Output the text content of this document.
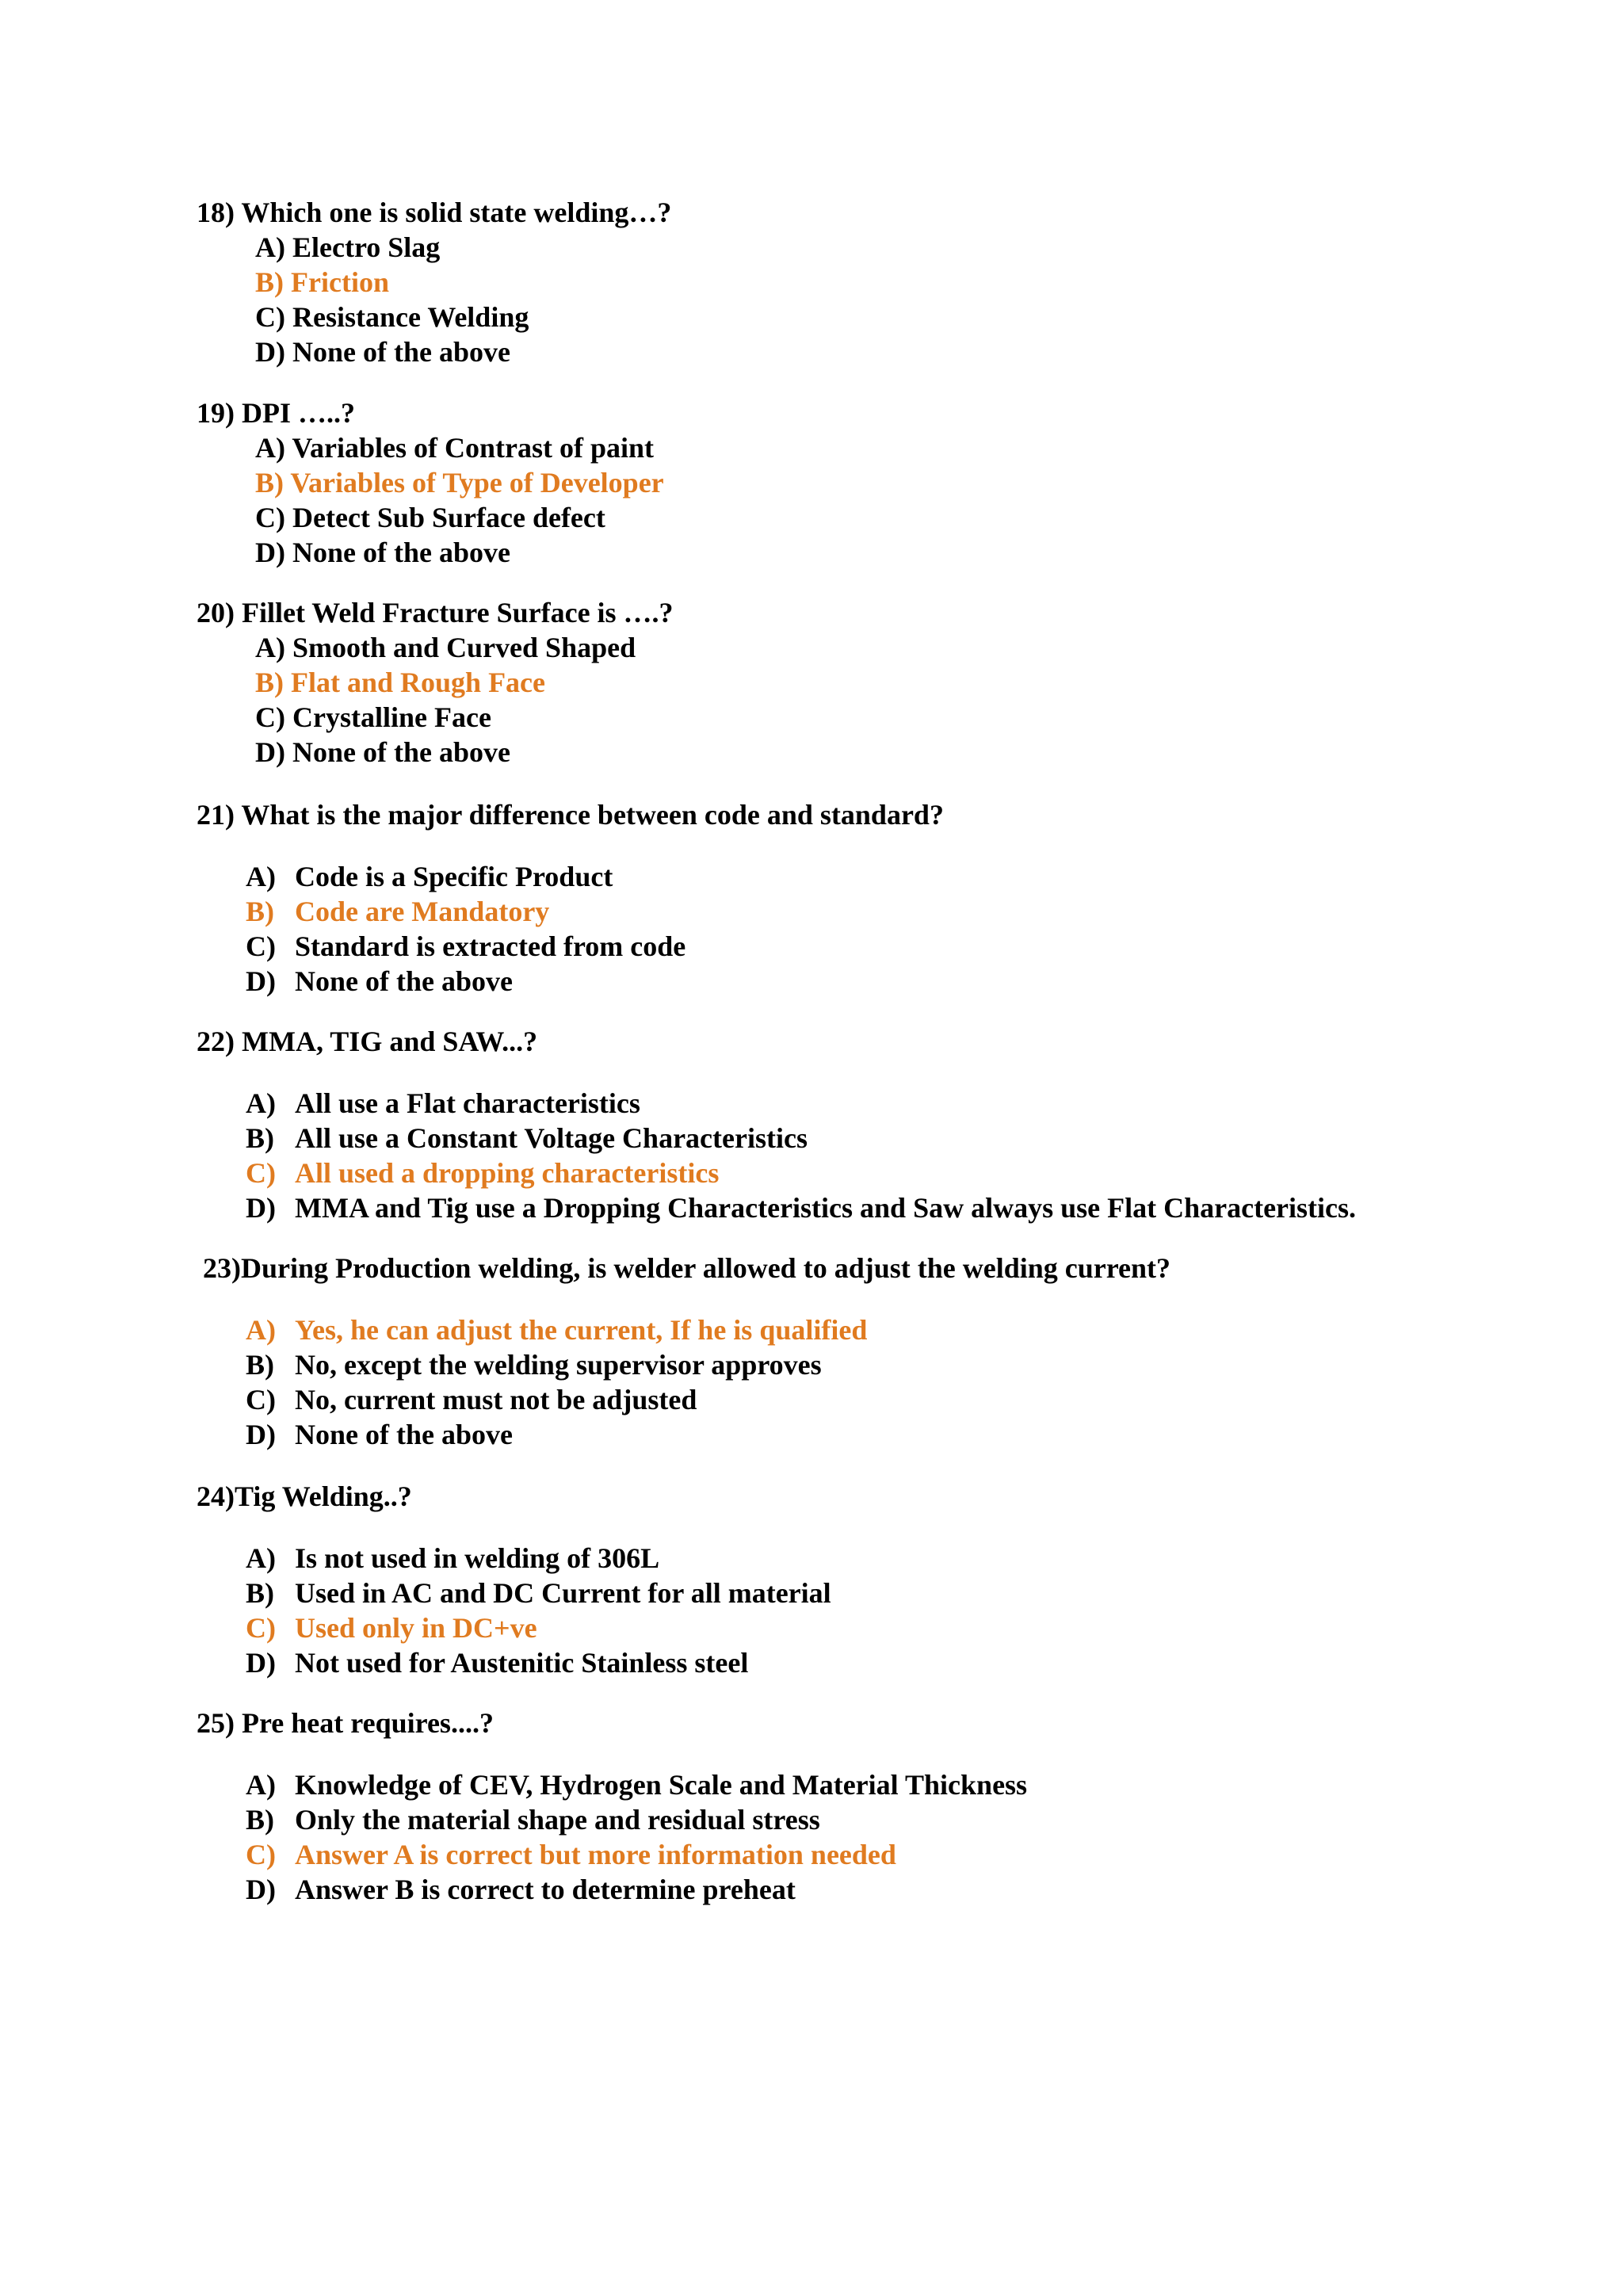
18) Which one is solid state welding…?
A) Electro Slag
B) Friction
C) Resistance Welding
D) None of the above
19) DPI …..?
A) Variables of Contrast of paint
B) Variables of Type of Developer
C) Detect Sub Surface defect
D) None of the above
20) Fillet Weld Fracture Surface is ….?
A) Smooth and Curved Shaped
B) Flat and Rough Face
C) Crystalline Face
D) None of the above
21) What is the major difference between code and standard?
A) Code is a Specific Product
B) Code are Mandatory
C) Standard is extracted from code
D) None of the above
22) MMA, TIG and SAW...?
A) All use a Flat characteristics
B) All use a Constant Voltage Characteristics
C) All used a dropping characteristics
D) MMA and Tig use a Dropping Characteristics and Saw always use Flat Characteristics.
23)During Production welding, is welder allowed to adjust the welding current?
A) Yes, he can adjust the current, If he is qualified
B) No, except the welding supervisor approves
C) No, current must not be adjusted
D) None of the above
24)Tig Welding..?
A) Is not used in welding of 306L
B) Used in AC and DC Current for all material
C) Used only in DC+ve
D) Not used for Austenitic Stainless steel
25) Pre heat requires....?
A) Knowledge of CEV, Hydrogen Scale and Material Thickness
B) Only the material shape and residual stress
C) Answer A is correct but more information needed
D) Answer B is correct to determine preheat
